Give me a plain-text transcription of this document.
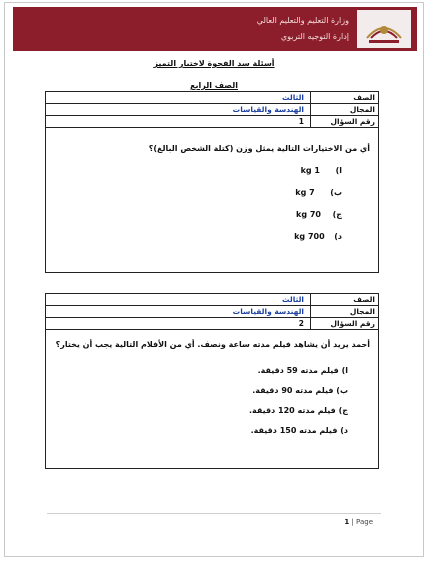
وزارة التعليم والتعليم العالي
إدارة التوجيه التربوي
أسئلة سد الفجوة لاختبار التميز
الصف الرابع
الثالث	الصف
الهندسة والقياسات	المجال
1	رقم السؤال
أي من الاختيارات التالية يمثل وزن (كتلة الشخص البالغ)؟
ا)  1 kg
ب)  7 kg
ج)  70 kg
د)  700 kg
الثالث	الصف
الهندسة والقياسات	المجال
2	رقم السؤال
أحمد يريد أن يشاهد فيلم مدته ساعة ونصف. أي من الأفلام التالية يجب أن يختار؟
ا) فيلم مدته 59 دقيقة.
ب) فيلم مدته 90 دقيقة.
ج) فيلم مدته 120 دقيقة.
د) فيلم مدته 150 دقيقة.
1 | Page
